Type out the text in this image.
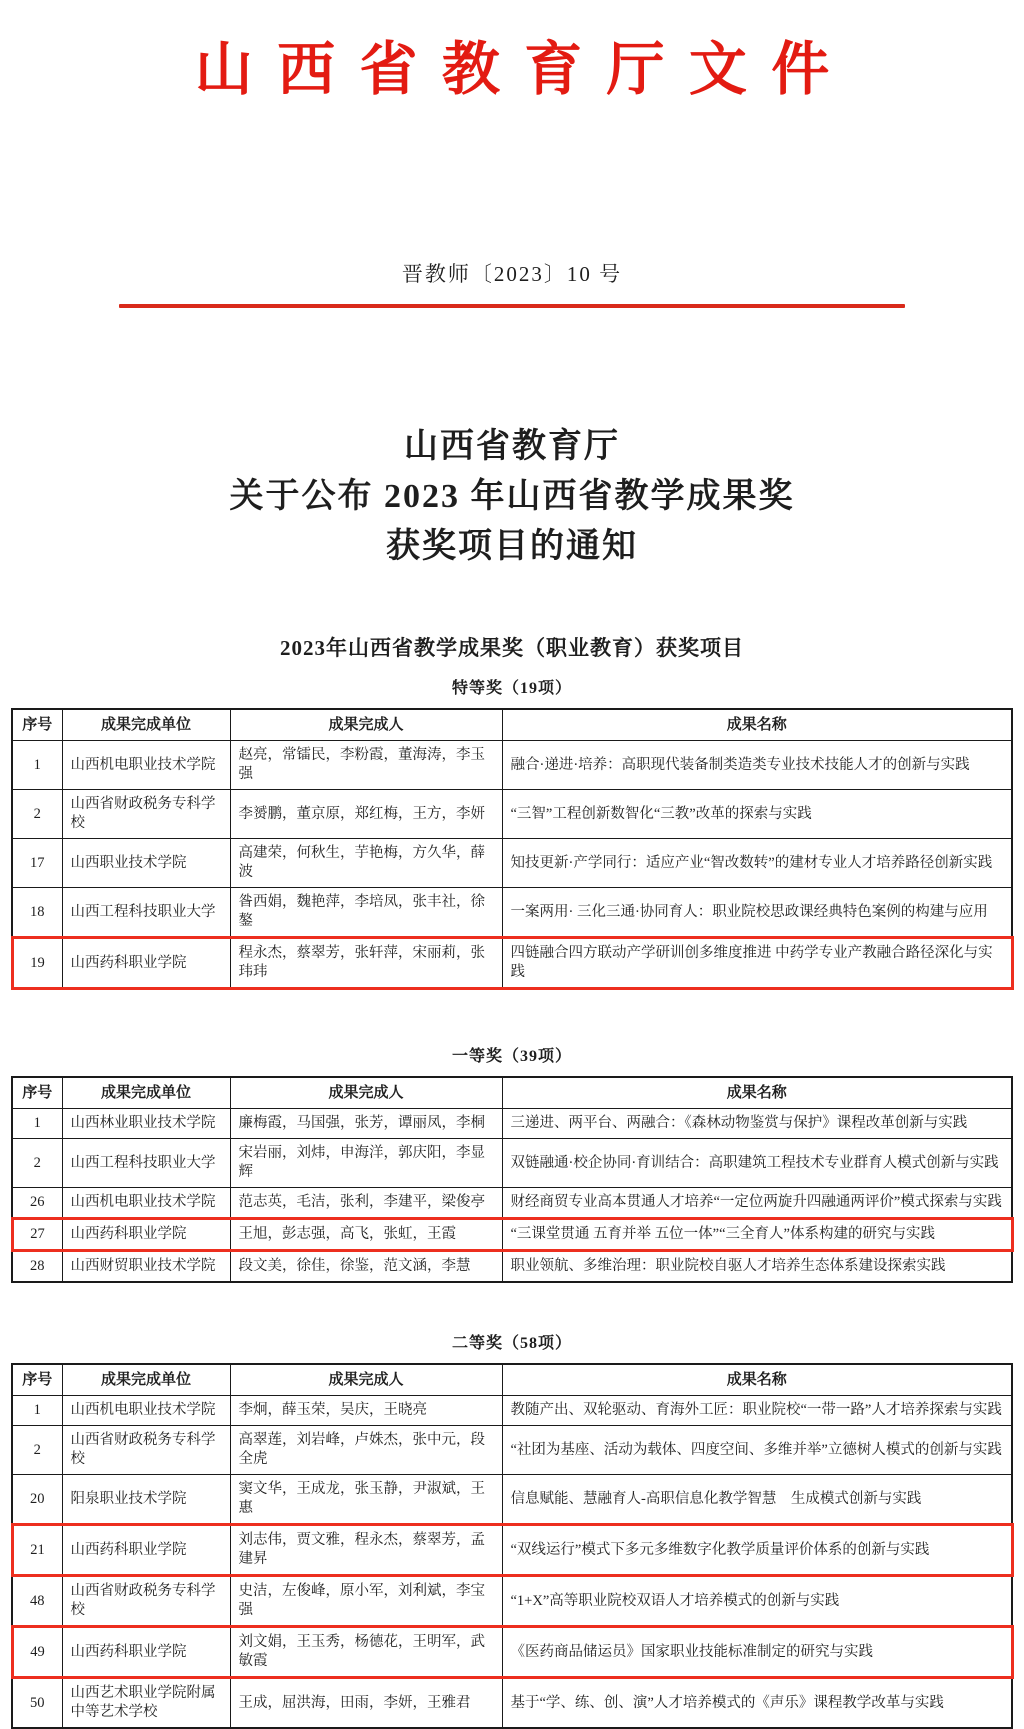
山西省教育厅文件
晋教师〔2023〕10 号
山西省教育厅
关于公布 2023 年山西省教学成果奖
获奖项目的通知
2023年山西省教学成果奖（职业教育）获奖项目
特等奖（19项）
序号	成果完成单位	成果完成人	成果名称
1	山西机电职业技术学院	赵亮，常镭民，李粉霞，董海涛，李玉强	融合·递进·培养：高职现代装备制类造类专业技术技能人才的创新与实践
2	山西省财政税务专科学校	李赟鹏，董京原，郑红梅，王方，李妍	“三智”工程创新数智化“三教”改革的探索与实践
17	山西职业技术学院	高建荣，何秋生，芋艳梅，方久华，薛波	知技更新·产学同行：适应产业“智改数转”的建材专业人才培养路径创新实践
18	山西工程科技职业大学	昝西娟，魏艳萍，李培凤，张丰社，徐鏊	一案两用· 三化三通·协同育人：职业院校思政课经典特色案例的构建与应用
19	山西药科职业学院	程永杰，蔡翠芳，张轩萍，宋丽莉，张玮玮	四链融合四方联动产学研训创多维度推进 中药学专业产教融合路径深化与实践
一等奖（39项）
序号	成果完成单位	成果完成人	成果名称
1	山西林业职业技术学院	廉梅霞，马国强，张芳，谭丽凤，李桐	三递进、两平台、两融合：《森林动物鉴赏与保护》课程改革创新与实践
2	山西工程科技职业大学	宋岩丽，刘炜，申海洋，郭庆阳，李显辉	双链融通·校企协同·育训结合：高职建筑工程技术专业群育人模式创新与实践
26	山西机电职业技术学院	范志英，毛洁，张利，李建平，梁俊亭	财经商贸专业高本贯通人才培养“一定位两旋升四融通两评价”模式探索与实践
27	山西药科职业学院	王旭，彭志强，高飞，张虹，王霞	“三课堂贯通 五育并举 五位一体”“三全育人”体系构建的研究与实践
28	山西财贸职业技术学院	段文美，徐佳，徐鉴，范文涵，李慧	职业领航、多维治理：职业院校自驱人才培养生态体系建设探索实践
二等奖（58项）
序号	成果完成单位	成果完成人	成果名称
1	山西机电职业技术学院	李炯，薛玉荣，吴庆，王晓亮	教随产出、双轮驱动、育海外工匠：职业院校“一带一路”人才培养探索与实践
2	山西省财政税务专科学校	高翠莲，刘岩峰，卢姝杰，张中元，段全虎	“社团为基座、活动为载体、四度空间、多维并举”立德树人模式的创新与实践
20	阳泉职业技术学院	窦文华，王成龙，张玉静，尹淑斌，王惠	信息赋能、慧融育人-高职信息化教学智慧　生成模式创新与实践
21	山西药科职业学院	刘志伟，贾文雅，程永杰，蔡翠芳，孟建昇	“双线运行”模式下多元多维数字化教学质量评价体系的创新与实践
48	山西省财政税务专科学校	史洁，左俊峰，原小军，刘利斌，李宝强	“1+X”高等职业院校双语人才培养模式的创新与实践
49	山西药科职业学院	刘文娟，王玉秀，杨德花，王明军，武敏霞	《医药商品储运员》国家职业技能标准制定的研究与实践
50	山西艺术职业学院附属中等艺术学校	王成，屈洪海，田雨，李妍，王雅君	基于“学、练、创、演”人才培养模式的《声乐》课程教学改革与实践
